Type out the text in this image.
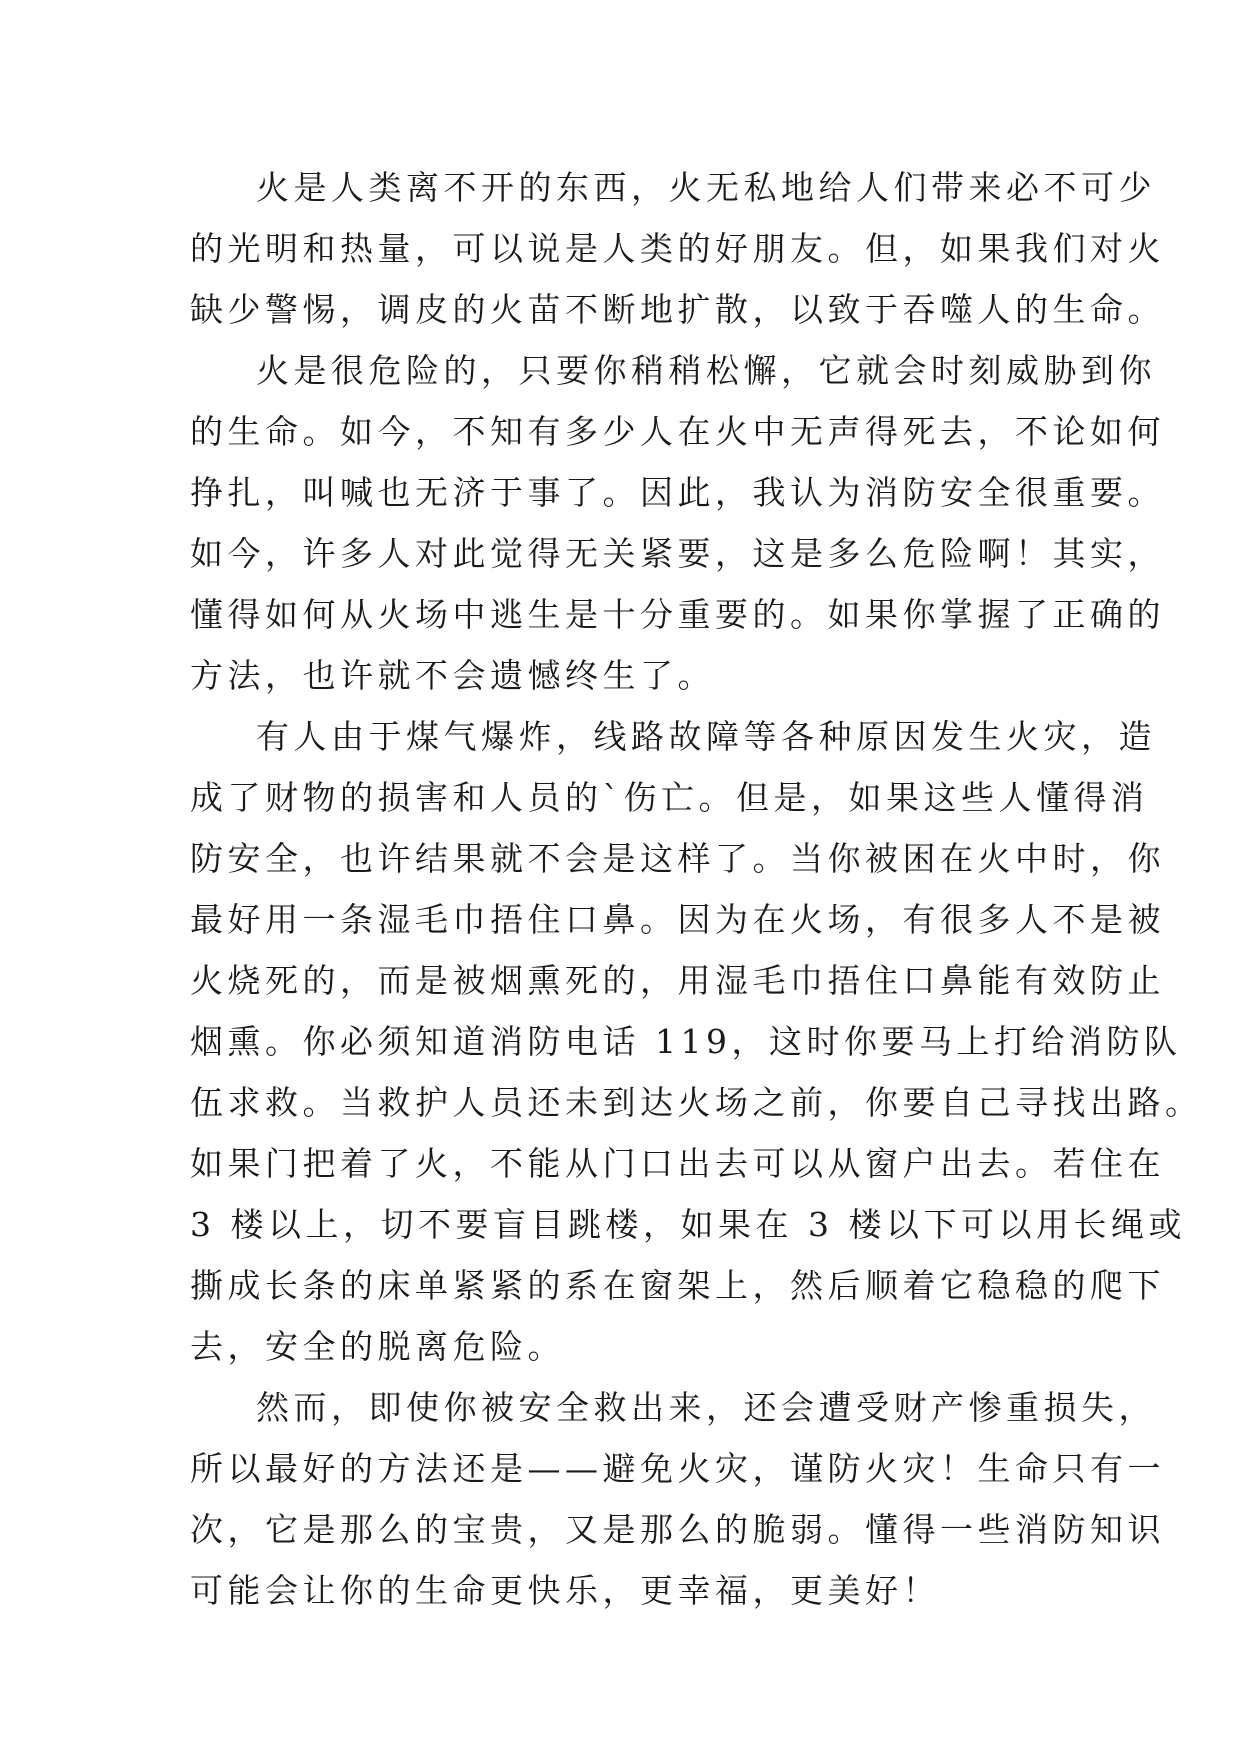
火是人类离不开的东西，火无私地给人们带来必不可少
的光明和热量，可以说是人类的好朋友。但，如果我们对火
缺少警惕，调皮的火苗不断地扩散，以致于吞噬人的生命。
火是很危险的，只要你稍稍松懈，它就会时刻威胁到你
的生命。如今，不知有多少人在火中无声得死去，不论如何
挣扎，叫喊也无济于事了。因此，我认为消防安全很重要。
如今，许多人对此觉得无关紧要，这是多么危险啊！其实，
懂得如何从火场中逃生是十分重要的。如果你掌握了正确的
方法，也许就不会遗憾终生了。
有人由于煤气爆炸，线路故障等各种原因发生火灾，造
成了财物的损害和人员的`伤亡。但是，如果这些人懂得消
防安全，也许结果就不会是这样了。当你被困在火中时，你
最好用一条湿毛巾捂住口鼻。因为在火场，有很多人不是被
火烧死的，而是被烟熏死的，用湿毛巾捂住口鼻能有效防止
烟熏。你必须知道消防电话 119，这时你要马上打给消防队
伍求救。当救护人员还未到达火场之前，你要自己寻找出路。
如果门把着了火，不能从门口出去可以从窗户出去。若住在
3 楼以上，切不要盲目跳楼，如果在 3 楼以下可以用长绳或
撕成长条的床单紧紧的系在窗架上，然后顺着它稳稳的爬下
去，安全的脱离危险。
然而，即使你被安全救出来，还会遭受财产惨重损失，
所以最好的方法还是——避免火灾，谨防火灾！生命只有一
次，它是那么的宝贵，又是那么的脆弱。懂得一些消防知识
可能会让你的生命更快乐，更幸福，更美好！
